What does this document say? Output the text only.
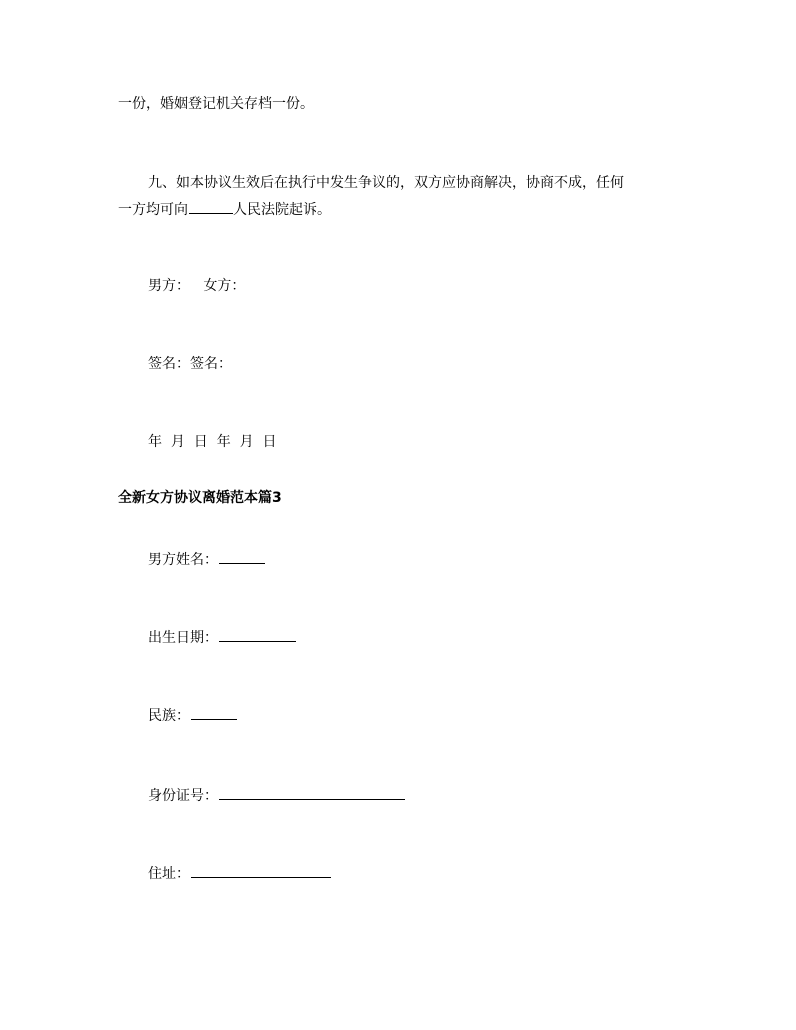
一份，婚姻登记机关存档一份。

九、如本协议生效后在执行中发生争议的，双方应协商解决，协商不成，任何

一方均可向	人民法院起诉。

男方：   女方：

签名：签名：

年  月  日  年  月  日

全新女方协议离婚范本篇3

男方姓名：

出生日期：

民族：

身份证号：

住址：
